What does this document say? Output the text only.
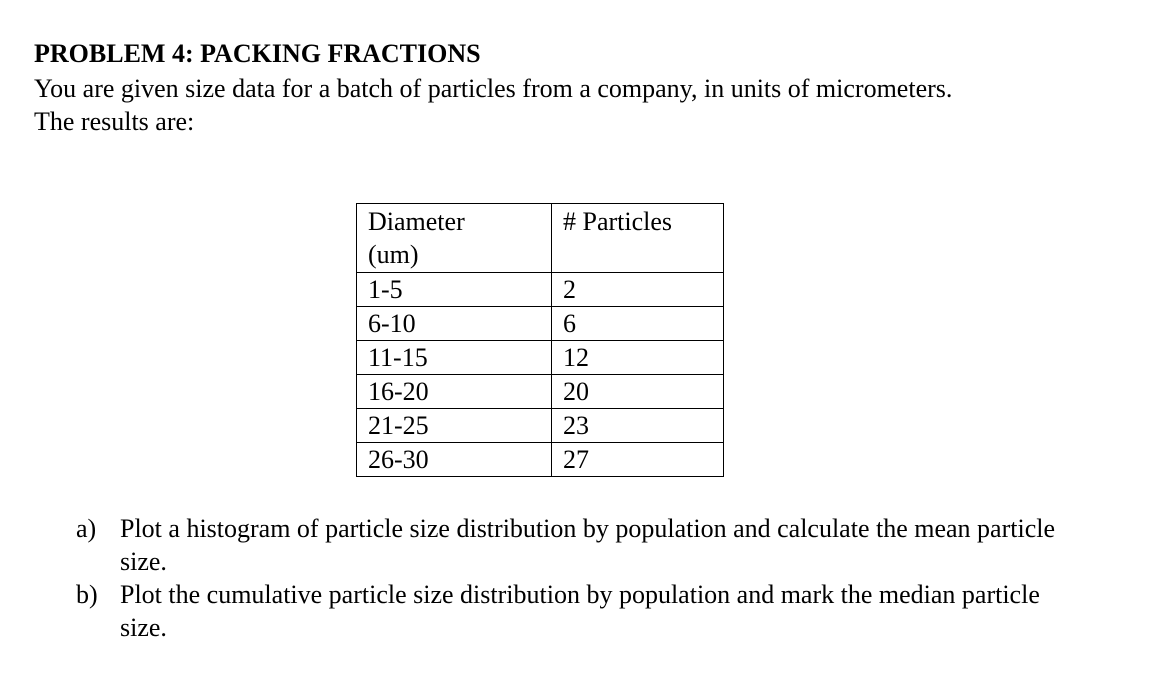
PROBLEM 4: PACKING FRACTIONS
You are given size data for a batch of particles from a company, in units of micrometers.
The results are:
Diameter (um)	# Particles
1-5	2
6-10	6
11-15	12
16-20	20
21-25	23
26-30	27
a) Plot a histogram of particle size distribution by population and calculate the mean particle size.
b) Plot the cumulative particle size distribution by population and mark the median particle size.
